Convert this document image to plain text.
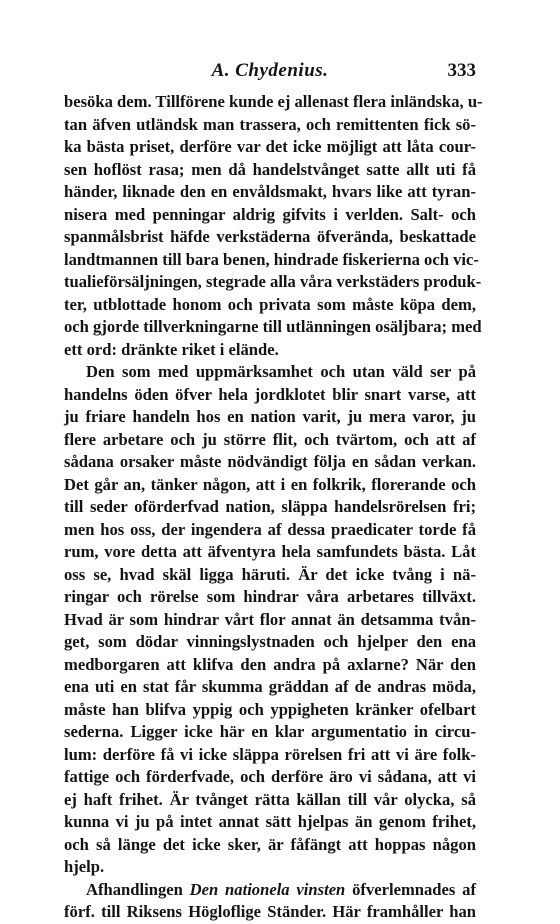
A. Chydenius.	333
besöka dem. Tillförene kunde ej allenast flera inländska, u-
tan äfven utländsk man trassera, och remittenten fick sö-
ka bästa priset, derföre var det icke möjligt att låta cour-
sen hoflöst rasa; men då handelstvånget satte allt uti få
händer, liknade den en envåldsmakt, hvars like att tyran-
nisera med penningar aldrig gifvits i verlden. Salt- och
spanmålsbrist häfde verkstäderna öfverända, beskattade
landtmannen till bara benen, hindrade fiskerierna och vic-
tualieförsäljningen, stegrade alla våra verkstäders produk-
ter, utblottade honom och privata som måste köpa dem,
och gjorde tillverkningarne till utlänningen osäljbara; med
ett ord: dränkte riket i elände.
Den som med uppmärksamhet och utan väld ser på
handelns öden öfver hela jordklotet blir snart varse, att
ju friare handeln hos en nation varit, ju mera varor, ju
flere arbetare och ju större flit, och tvärtom, och att af
sådana orsaker måste nödvändigt följa en sådan verkan.
Det går an, tänker någon, att i en folkrik, florerande och
till seder oförderfvad nation, släppa handelsrörelsen fri;
men hos oss, der ingendera af dessa praedicater torde få
rum, vore detta att äfventyra hela samfundets bästa. Låt
oss se, hvad skäl ligga häruti. Är det icke tvång i nä-
ringar och rörelse som hindrar våra arbetares tillväxt.
Hvad är som hindrar vårt flor annat än detsamma tvån-
get, som dödar vinningslystnaden och hjelper den ena
medborgaren att klifva den andra på axlarne? När den
ena uti en stat får skumma gräddan af de andras möda,
måste han blifva yppig och yppigheten kränker ofelbart
sederna. Ligger icke här en klar argumentatio in circu-
lum: derföre få vi icke släppa rörelsen fri att vi äre folk-
fattige och förderfvade, och derföre äro vi sådana, att vi
ej haft frihet. Är tvånget rätta källan till vår olycka, så
kunna vi ju på intet annat sätt hjelpas än genom frihet,
och så länge det icke sker, är fåfängt att hoppas någon
hjelp.
Afhandlingen Den nationela vinsten öfverlemnades af
förf. till Riksens Högloflige Ständer. Här framhåller han
